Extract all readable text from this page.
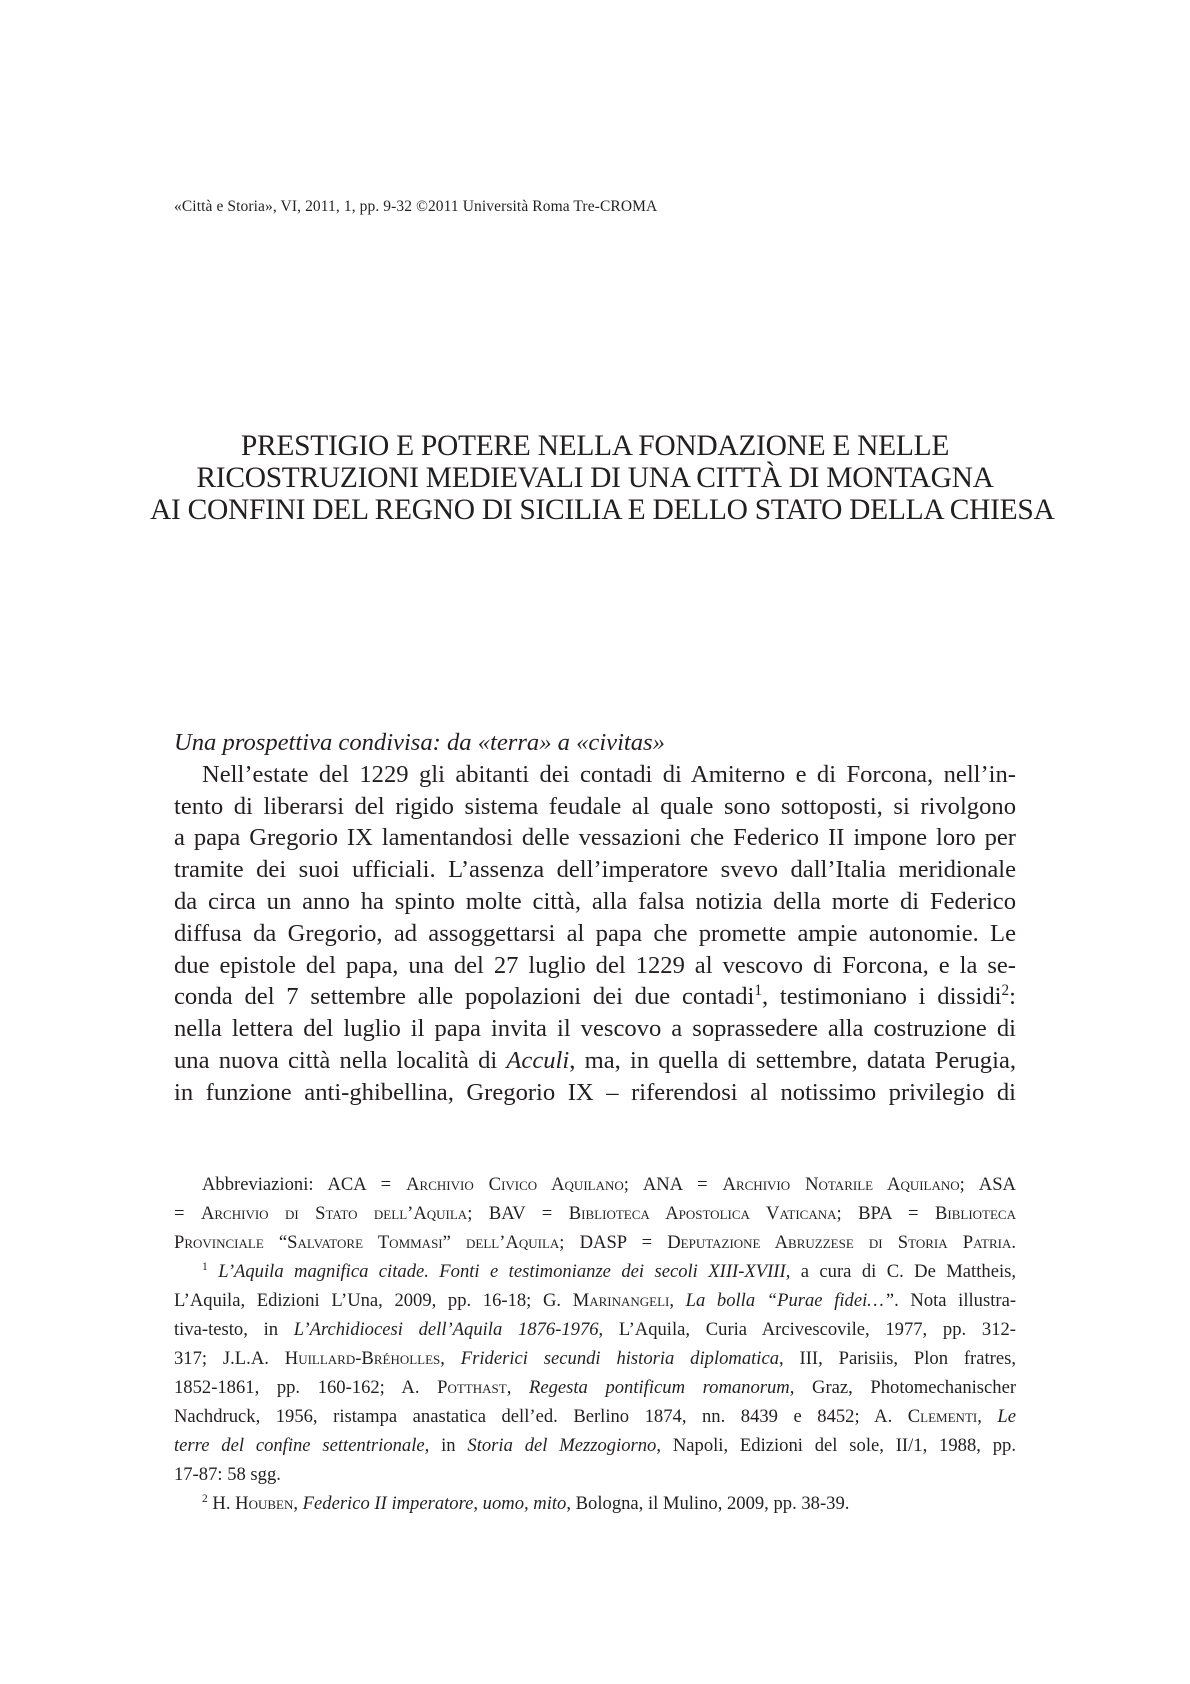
«Città e Storia», VI, 2011, 1, pp. 9-32 ©2011 Università Roma Tre-CROMA
PRESTIGIO E POTERE NELLA FONDAZIONE E NELLE
RICOSTRUZIONI MEDIEVALI DI UNA CITTÀ DI MONTAGNA
AI CONFINI DEL REGNO DI SICILIA E DELLO STATO DELLA CHIESA

Una prospettiva condivisa: da «terra» a «civitas»

Nell’estate del 1229 gli abitanti dei contadi di Amiterno e di Forcona, nell’in-
tento di liberarsi del rigido sistema feudale al quale sono sottoposti, si rivolgono
a papa Gregorio IX lamentandosi delle vessazioni che Federico II impone loro per
tramite dei suoi ufficiali. L’assenza dell’imperatore svevo dall’Italia meridionale
da circa un anno ha spinto molte città, alla falsa notizia della morte di Federico
diffusa da Gregorio, ad assoggettarsi al papa che promette ampie autonomie. Le
due epistole del papa, una del 27 luglio del 1229 al vescovo di Forcona, e la se-
conda del 7 settembre alle popolazioni dei due contadi$^1$, testimoniano i dissidi$^2$:
nella lettera del luglio il papa invita il vescovo a soprassedere alla costruzione di
una nuova città nella località di Acculi, ma, in quella di settembre, datata Perugia,
in funzione anti-ghibellina, Gregorio IX – riferendosi al notissimo privilegio di
Abbreviazioni: ACA = Archivio Civico Aquilano; ANA = Archivio Notarile Aquilano; ASA
= Archivio di Stato dell’Aquila; BAV = Biblioteca Apostolica Vaticana; BPA = Biblioteca
Provinciale “Salvatore Tommasi” dell’Aquila; DASP = Deputazione Abruzzese di Storia Patria.
$^1$ L’Aquila magnifica citade. Fonti e testimonianze dei secoli XIII-XVIII, a cura di C. De Mattheis,
L’Aquila, Edizioni L’Una, 2009, pp. 16-18; G. Marinangeli, La bolla “Purae fidei…”. Nota illustra-
tiva-testo, in L’Archidiocesi dell’Aquila 1876-1976, L’Aquila, Curia Arcivescovile, 1977, pp. 312-
317; J.L.A. Huillard-Bréholles, Friderici secundi historia diplomatica, III, Parisiis, Plon fratres,
1852-1861, pp. 160-162; A. Potthast, Regesta pontificum romanorum, Graz, Photomechanischer
Nachdruck, 1956, ristampa anastatica dell’ed. Berlino 1874, nn. 8439 e 8452; A. Clementi, Le
terre del confine settentrionale, in Storia del Mezzogiorno, Napoli, Edizioni del sole, II/1, 1988, pp.
17-87: 58 sgg.
$^2$ H. Houben, Federico II imperatore, uomo, mito, Bologna, il Mulino, 2009, pp. 38-39.
